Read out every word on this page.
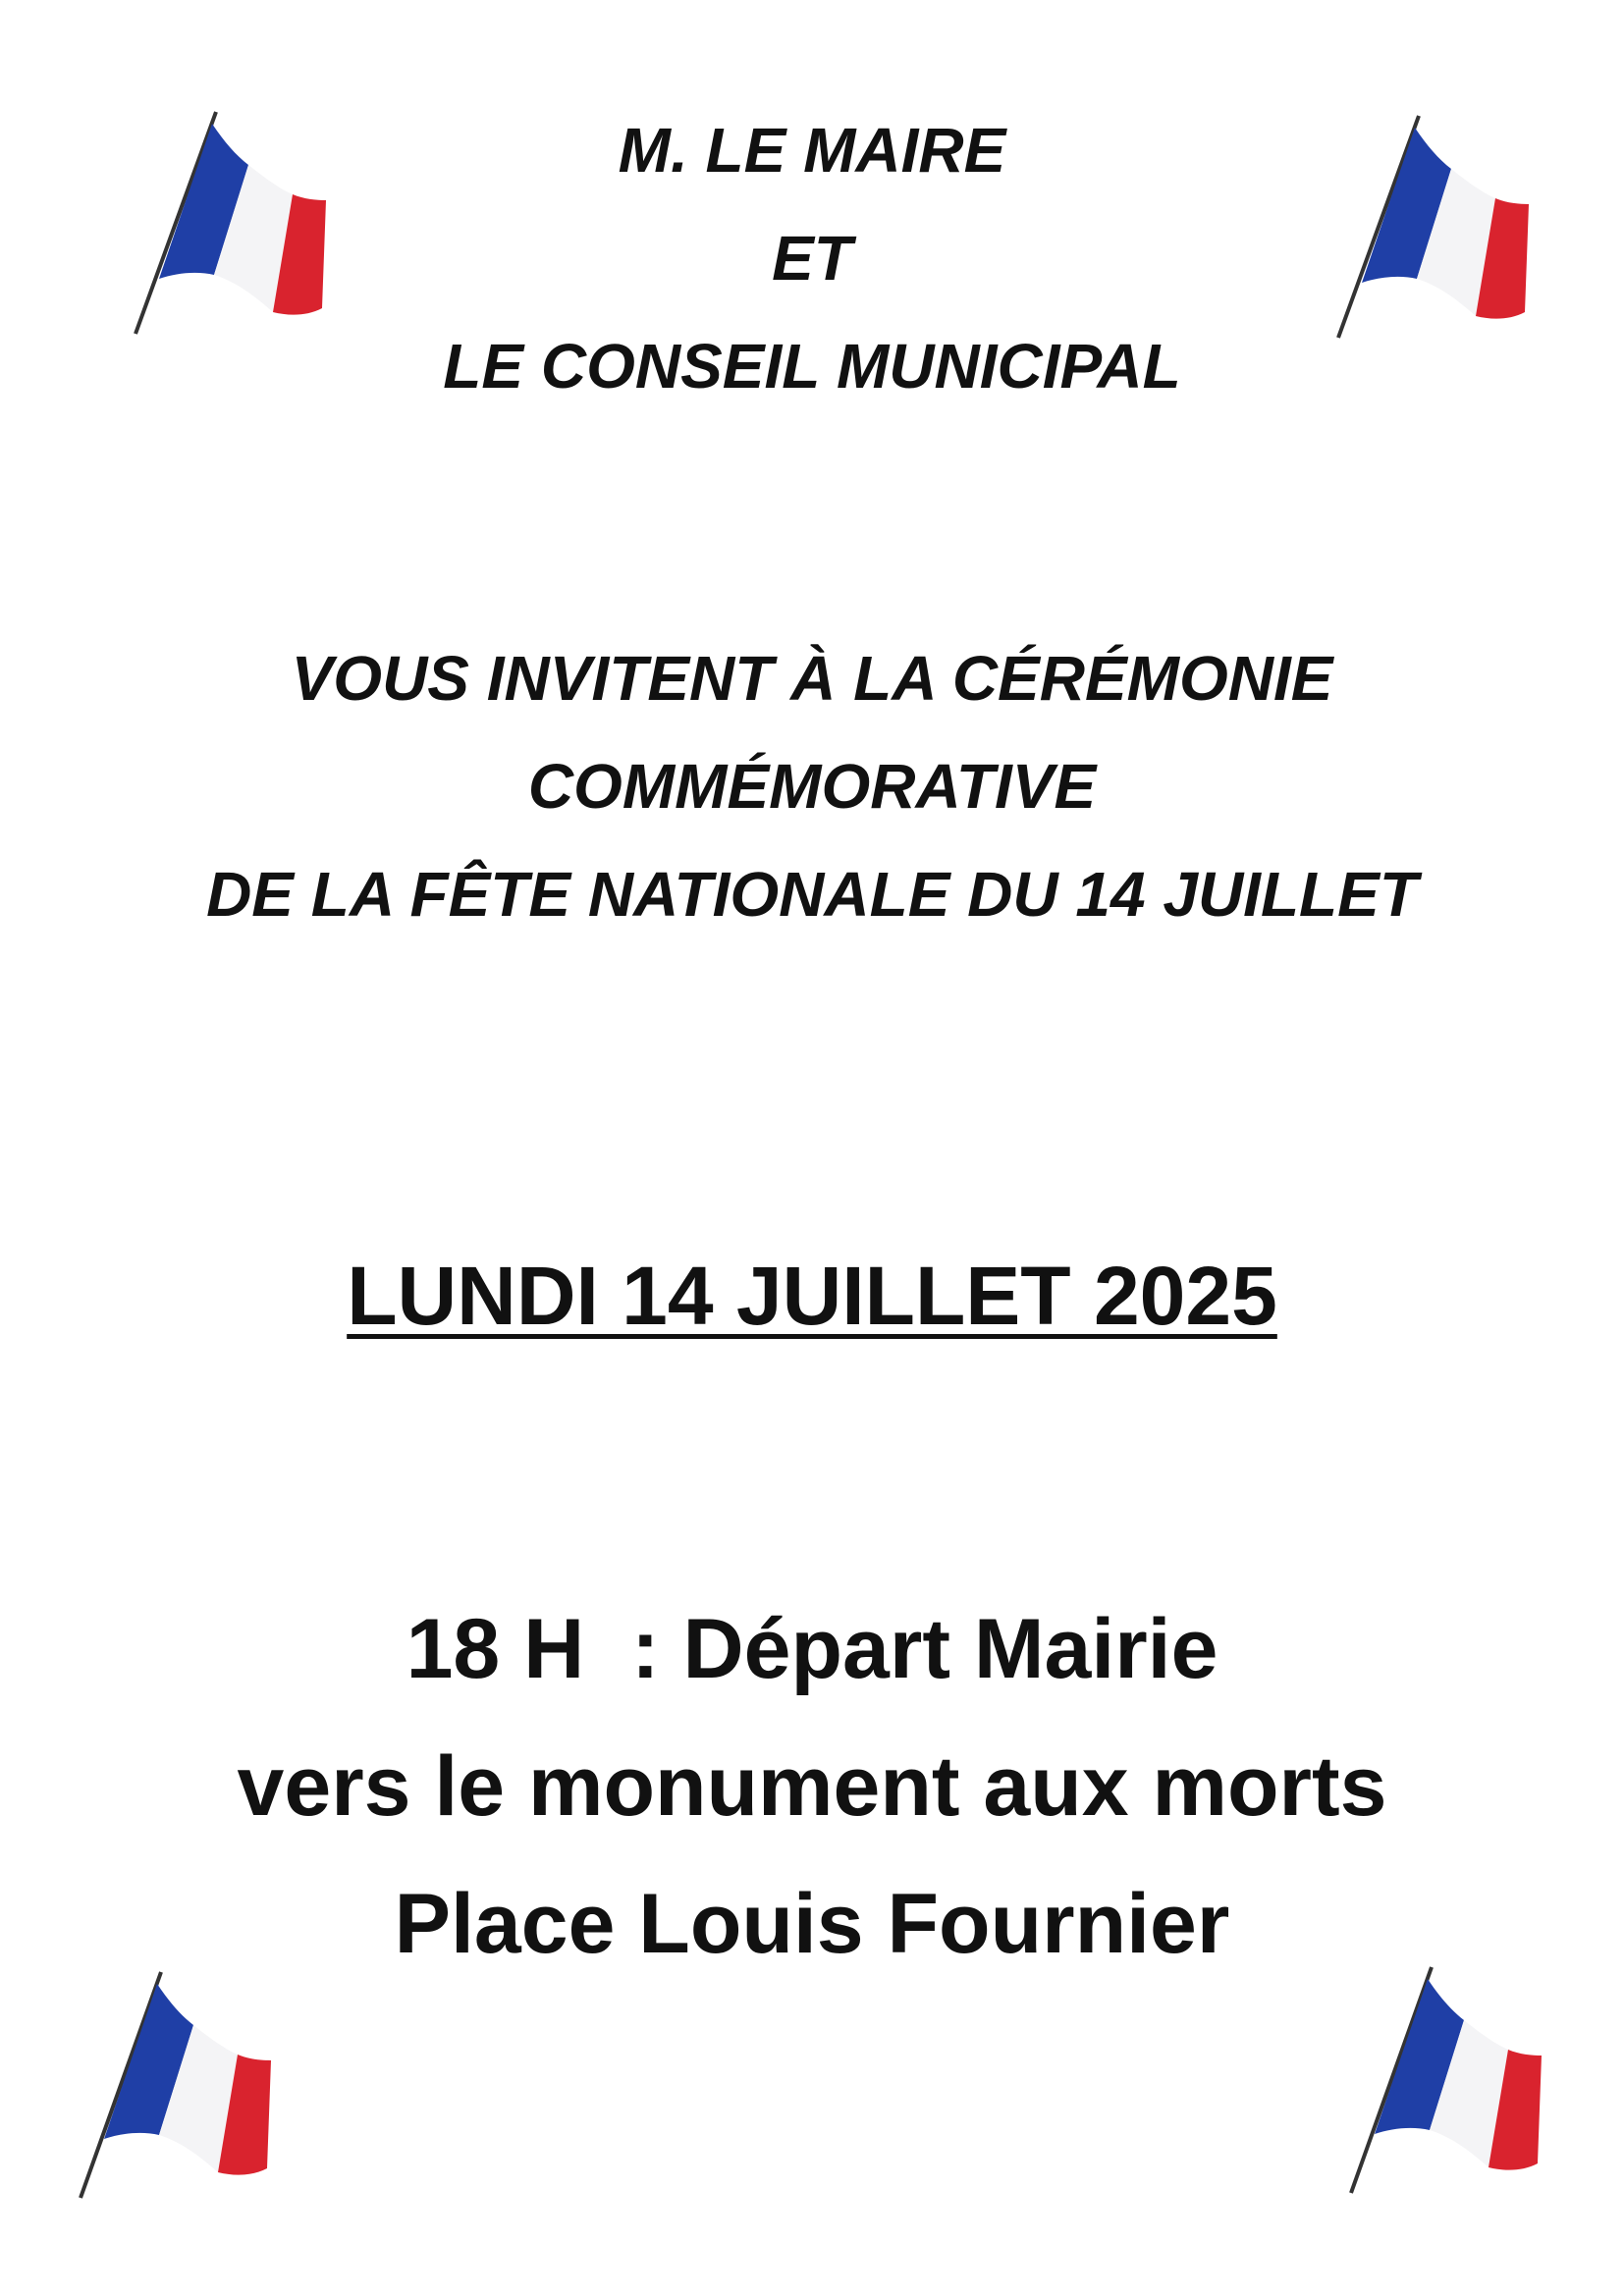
M. LE MAIRE
ET
LE CONSEIL MUNICIPAL
VOUS INVITENT À LA CÉRÉMONIE
COMMÉMORATIVE
DE LA FÊTE NATIONALE DU 14 JUILLET
LUNDI 14 JUILLET 2025
18 H  : Départ Mairie
vers le monument aux morts
Place Louis Fournier
